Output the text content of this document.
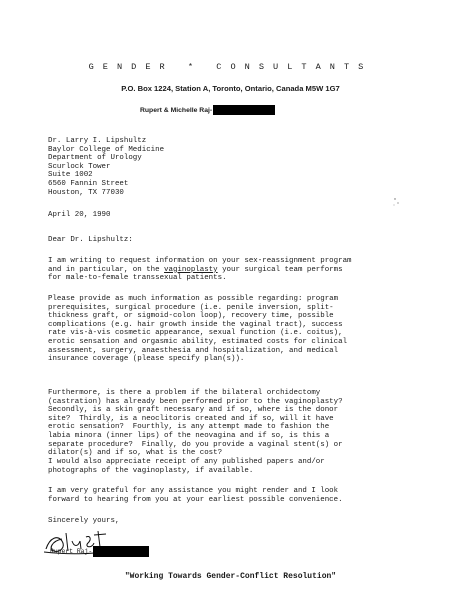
GENDER * CONSULTANTS
P.O. Box 1224, Station A, Toronto, Ontario, Canada M5W 1G7
Rupert & Michelle Raj-
Dr. Larry I. Lipshultz
Baylor College of Medicine
Department of Urology
Scurlock Tower
Suite 1002
6560 Fannin Street
Houston, TX 77030
April 20, 1990
Dear Dr. Lipshultz:
I am writing to request information on your sex-reassignment program
and in particular, on the vaginoplasty your surgical team performs
for male-to-female transsexual patients.
Please provide as much information as possible regarding: program
prerequisites, surgical procedure (i.e. penile inversion, split-
thickness graft, or sigmoid-colon loop), recovery time, possible
complications (e.g. hair growth inside the vaginal tract), success
rate vis-à-vis cosmetic appearance, sexual function (i.e. coitus),
erotic sensation and orgasmic ability, estimated costs for clinical
assessment, surgery, anaesthesia and hospitalization, and medical
insurance coverage (please specify plan(s)).
Furthermore, is there a problem if the bilateral orchidectomy
(castration) has already been performed prior to the vaginoplasty?
Secondly, is a skin graft necessary and if so, where is the donor
site?  Thirdly, is a neoclitoris created and if so, will it have
erotic sensation?  Fourthly, is any attempt made to fashion the
labia minora (inner lips) of the neovagina and if so, is this a
separate procedure?  Finally, do you provide a vaginal stent(s) or
dilator(s) and if so, what is the cost?
I would also appreciate receipt of any published papers and/or
photographs of the vaginoplasty, if available.
I am very grateful for any assistance you might render and I look
forward to hearing from you at your earliest possible convenience.
Sincerely yours,
Rupert Raj-
"Working Towards Gender-Conflict Resolution"
